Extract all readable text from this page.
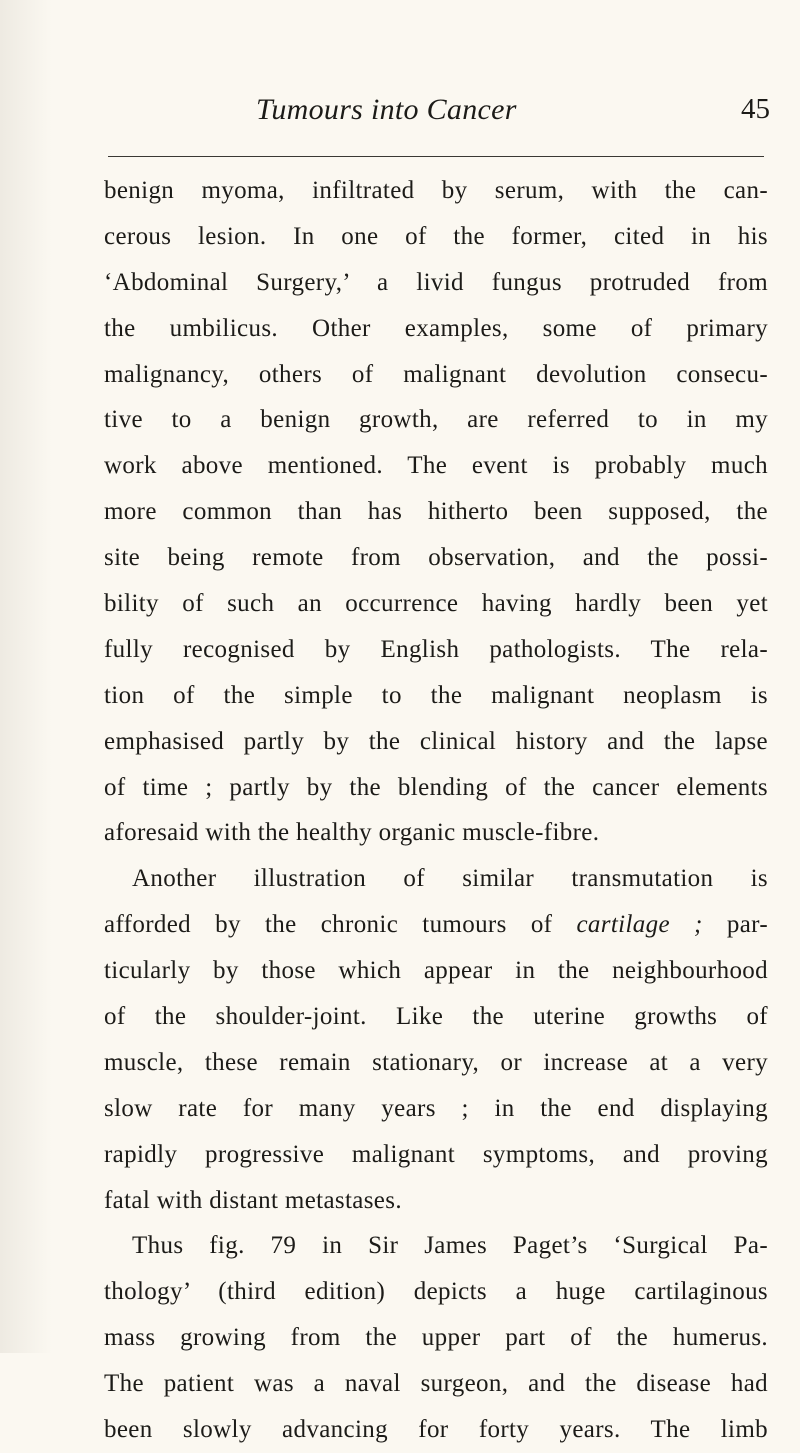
Tumours into Cancer	45
benign myoma, infiltrated by serum, with the can-
cerous lesion. In one of the former, cited in his
‘Abdominal Surgery,’ a livid fungus protruded from
the umbilicus. Other examples, some of primary
malignancy, others of malignant devolution consecu-
tive to a benign growth, are referred to in my
work above mentioned. The event is probably much
more common than has hitherto been supposed, the
site being remote from observation, and the possi-
bility of such an occurrence having hardly been yet
fully recognised by English pathologists. The rela-
tion of the simple to the malignant neoplasm is
emphasised partly by the clinical history and the lapse
of time ; partly by the blending of the cancer elements
aforesaid with the healthy organic muscle-fibre.
Another illustration of similar transmutation is
afforded by the chronic tumours of cartilage ; par-
ticularly by those which appear in the neighbourhood
of the shoulder-joint. Like the uterine growths of
muscle, these remain stationary, or increase at a very
slow rate for many years ; in the end displaying
rapidly progressive malignant symptoms, and proving
fatal with distant metastases.
Thus fig. 79 in Sir James Paget’s ‘Surgical Pa-
thology’ (third edition) depicts a huge cartilaginous
mass growing from the upper part of the humerus.
The patient was a naval surgeon, and the disease had
been slowly advancing for forty years. The limb
